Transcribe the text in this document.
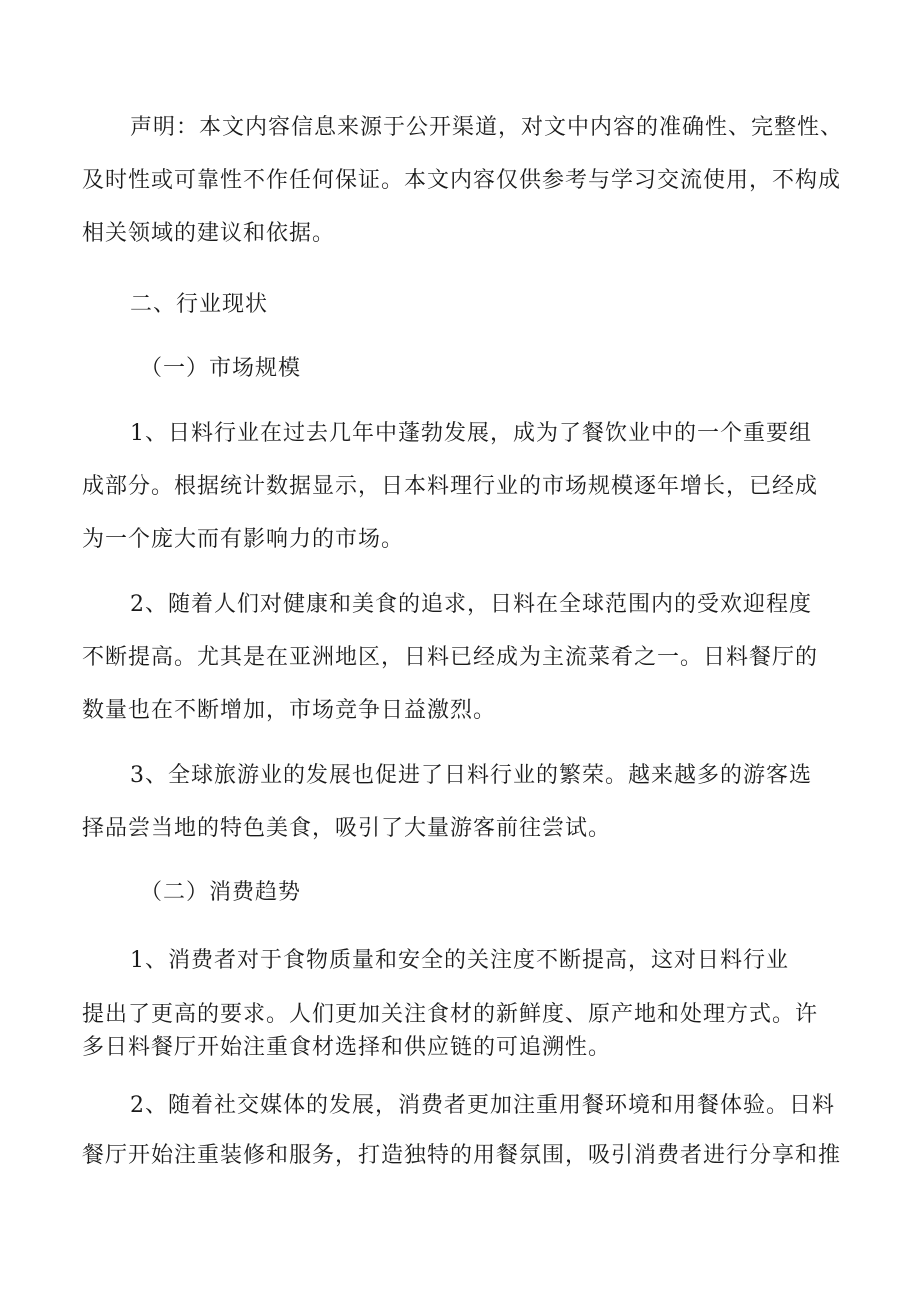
声明：本文内容信息来源于公开渠道，对文中内容的准确性、完整性、

及时性或可靠性不作任何保证。本文内容仅供参考与学习交流使用，不构成

相关领域的建议和依据。

二、行业现状

（一）市场规模

1、日料行业在过去几年中蓬勃发展，成为了餐饮业中的一个重要组

成部分。根据统计数据显示，日本料理行业的市场规模逐年增长，已经成

为一个庞大而有影响力的市场。

2、随着人们对健康和美食的追求，日料在全球范围内的受欢迎程度

不断提高。尤其是在亚洲地区，日料已经成为主流菜肴之一。日料餐厅的

数量也在不断增加，市场竞争日益激烈。

3、全球旅游业的发展也促进了日料行业的繁荣。越来越多的游客选

择品尝当地的特色美食，吸引了大量游客前往尝试。

（二）消费趋势

1、消费者对于食物质量和安全的关注度不断提高，这对日料行业

提出了更高的要求。人们更加关注食材的新鲜度、原产地和处理方式。许

多日料餐厅开始注重食材选择和供应链的可追溯性。

2、随着社交媒体的发展，消费者更加注重用餐环境和用餐体验。日料

餐厅开始注重装修和服务，打造独特的用餐氛围，吸引消费者进行分享和推
